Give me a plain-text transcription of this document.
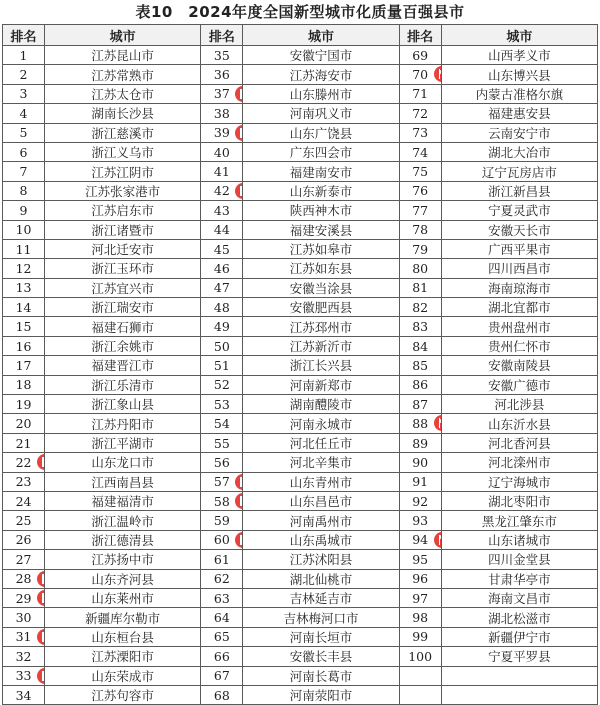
表10　2024年度全国新型城市化质量百强县市
排名	城市	排名	城市	排名	城市
1	江苏昆山市	35	安徽宁国市	69	山西孝义市
2	江苏常熟市	36	江苏海安市	70	山东博兴县
3	江苏太仓市	37	山东滕州市	71	内蒙古准格尔旗
4	湖南长沙县	38	河南巩义市	72	福建惠安县
5	浙江慈溪市	39	山东广饶县	73	云南安宁市
6	浙江义乌市	40	广东四会市	74	湖北大冶市
7	江苏江阴市	41	福建南安市	75	辽宁瓦房店市
8	江苏张家港市	42	山东新泰市	76	浙江新昌县
9	江苏启东市	43	陕西神木市	77	宁夏灵武市
10	浙江诸暨市	44	福建安溪县	78	安徽天长市
11	河北迁安市	45	江苏如皋市	79	广西平果市
12	浙江玉环市	46	江苏如东县	80	四川西昌市
13	江苏宜兴市	47	安徽当涂县	81	海南琼海市
14	浙江瑞安市	48	安徽肥西县	82	湖北宜都市
15	福建石狮市	49	江苏邳州市	83	贵州盘州市
16	浙江余姚市	50	江苏新沂市	84	贵州仁怀市
17	福建晋江市	51	浙江长兴县	85	安徽南陵县
18	浙江乐清市	52	河南新郑市	86	安徽广德市
19	浙江象山县	53	湖南醴陵市	87	河北涉县
20	江苏丹阳市	54	河南永城市	88	山东沂水县
21	浙江平湖市	55	河北任丘市	89	河北香河县
22	山东龙口市	56	河北辛集市	90	河北滦州市
23	江西南昌县	57	山东青州市	91	辽宁海城市
24	福建福清市	58	山东昌邑市	92	湖北枣阳市
25	浙江温岭市	59	河南禹州市	93	黑龙江肇东市
26	浙江德清县	60	山东禹城市	94	山东诸城市
27	江苏扬中市	61	江苏沭阳县	95	四川金堂县
28	山东齐河县	62	湖北仙桃市	96	甘肃华亭市
29	山东莱州市	63	吉林延吉市	97	海南文昌市
30	新疆库尔勒市	64	吉林梅河口市	98	湖北松滋市
31	山东桓台县	65	河南长垣市	99	新疆伊宁市
32	江苏溧阳市	66	安徽长丰县	100	宁夏平罗县
33	山东荣成市	67	河南长葛市		
34	江苏句容市	68	河南荥阳市		
